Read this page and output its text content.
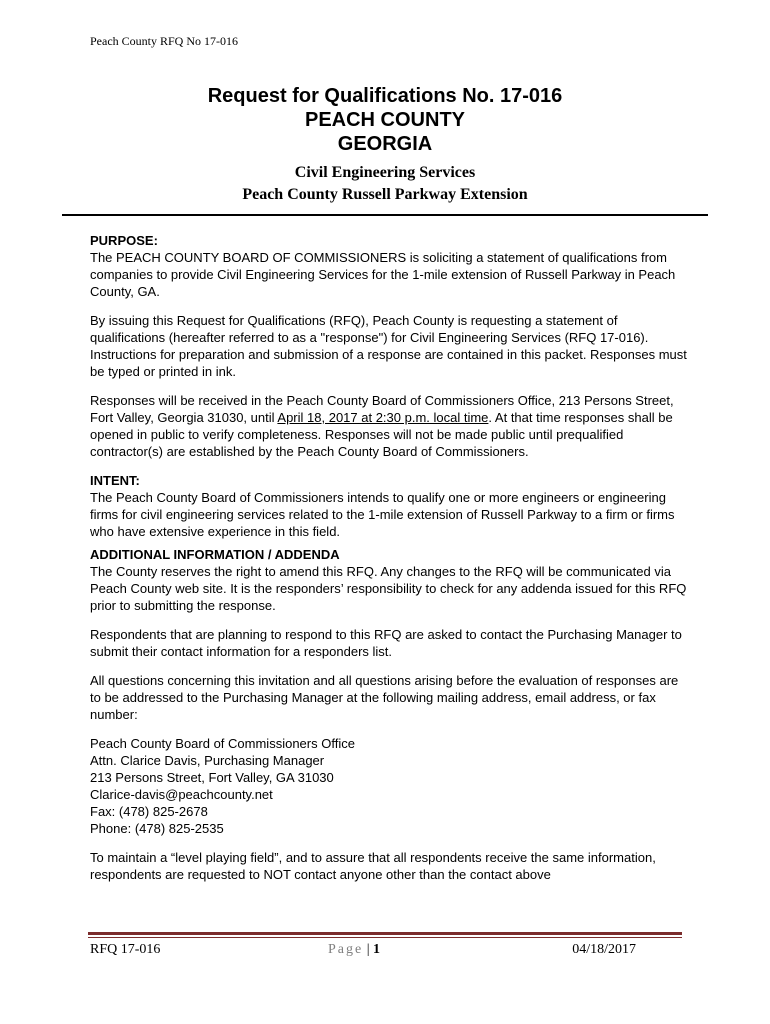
Peach County RFQ No 17-016
Request for Qualifications No. 17-016
PEACH COUNTY
GEORGIA
Civil Engineering Services
Peach County Russell Parkway Extension

PURPOSE:
The PEACH COUNTY BOARD OF COMMISSIONERS is soliciting a statement of qualifications from companies to provide Civil Engineering Services for the 1-mile extension of Russell Parkway in Peach County, GA.

By issuing this Request for Qualifications (RFQ), Peach County is requesting a statement of qualifications (hereafter referred to as a "response") for Civil Engineering Services (RFQ 17-016). Instructions for preparation and submission of a response are contained in this packet. Responses must be typed or printed in ink.

Responses will be received in the Peach County Board of Commissioners Office, 213 Persons Street, Fort Valley, Georgia 31030, until April 18, 2017 at 2:30 p.m. local time. At that time responses shall be opened in public to verify completeness. Responses will not be made public until prequalified contractor(s) are established by the Peach County Board of Commissioners.

INTENT:
The Peach County Board of Commissioners intends to qualify one or more engineers or engineering firms for civil engineering services related to the 1-mile extension of Russell Parkway to a firm or firms who have extensive experience in this field.

ADDITIONAL INFORMATION / ADDENDA
The County reserves the right to amend this RFQ. Any changes to the RFQ will be communicated via Peach County web site. It is the responders’ responsibility to check for any addenda issued for this RFQ prior to submitting the response.

Respondents that are planning to respond to this RFQ are asked to contact the Purchasing Manager to submit their contact information for a responders list.

All questions concerning this invitation and all questions arising before the evaluation of responses are to be addressed to the Purchasing Manager at the following mailing address, email address, or fax number:

Peach County Board of Commissioners Office
Attn. Clarice Davis, Purchasing Manager
213 Persons Street, Fort Valley, GA 31030
Clarice-davis@peachcounty.net
Fax: (478) 825-2678
Phone: (478) 825-2535

To maintain a “level playing field”, and to assure that all respondents receive the same information, respondents are requested to NOT contact anyone other than the contact above

RFQ 17-016	Page | 1	04/18/2017
